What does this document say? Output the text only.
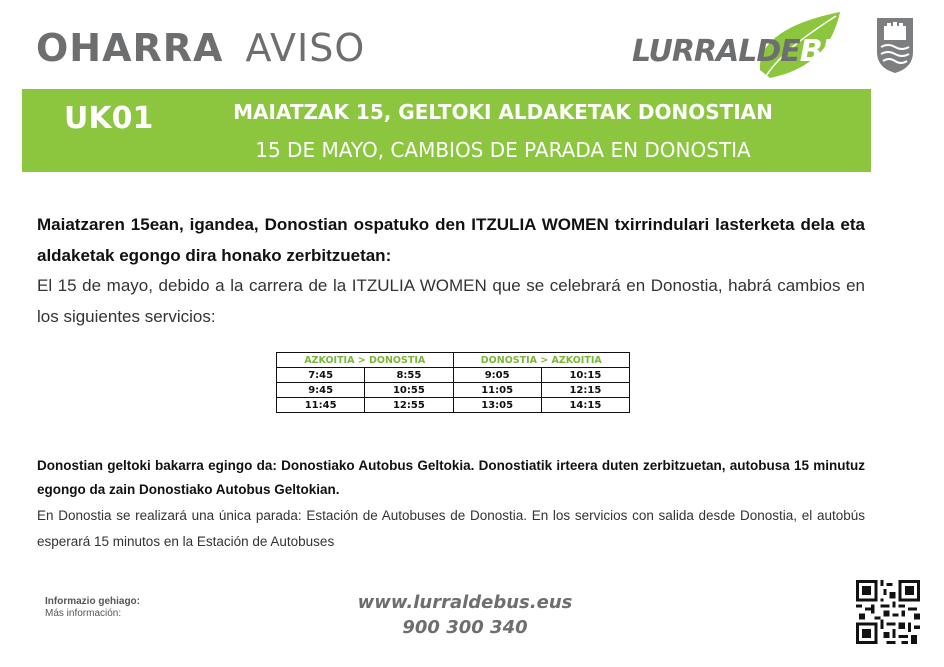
OHARRA AVISO	LURRALDEBUS
UK01	MAIATZAK 15, GELTOKI ALDAKETAK DONOSTIAN
15 DE MAYO, CAMBIOS DE PARADA EN DONOSTIA
Maiatzaren 15ean, igandea, Donostian ospatuko den ITZULIA WOMEN txirrindulari lasterketa dela eta aldaketak egongo dira honako zerbitzuetan:
El 15 de mayo, debido a la carrera de la ITZULIA WOMEN que se celebrará en Donostia, habrá cambios en los siguientes servicios:
AZKOITIA > DONOSTIA		DONOSTIA > AZKOITIA	
7:45	8:55	9:05	10:15
9:45	10:55	11:05	12:15
11:45	12:55	13:05	14:15
Donostian geltoki bakarra egingo da: Donostiako Autobus Geltokia. Donostiatik irteera duten zerbitzuetan, autobusa 15 minutuz egongo da zain Donostiako Autobus Geltokian.
En Donostia se realizará una única parada: Estación de Autobuses de Donostia. En los servicios con salida desde Donostia, el autobús esperará 15 minutos en la Estación de Autobuses
Informazio gehiago:
Más información:
www.lurraldebus.eus
900 300 340
